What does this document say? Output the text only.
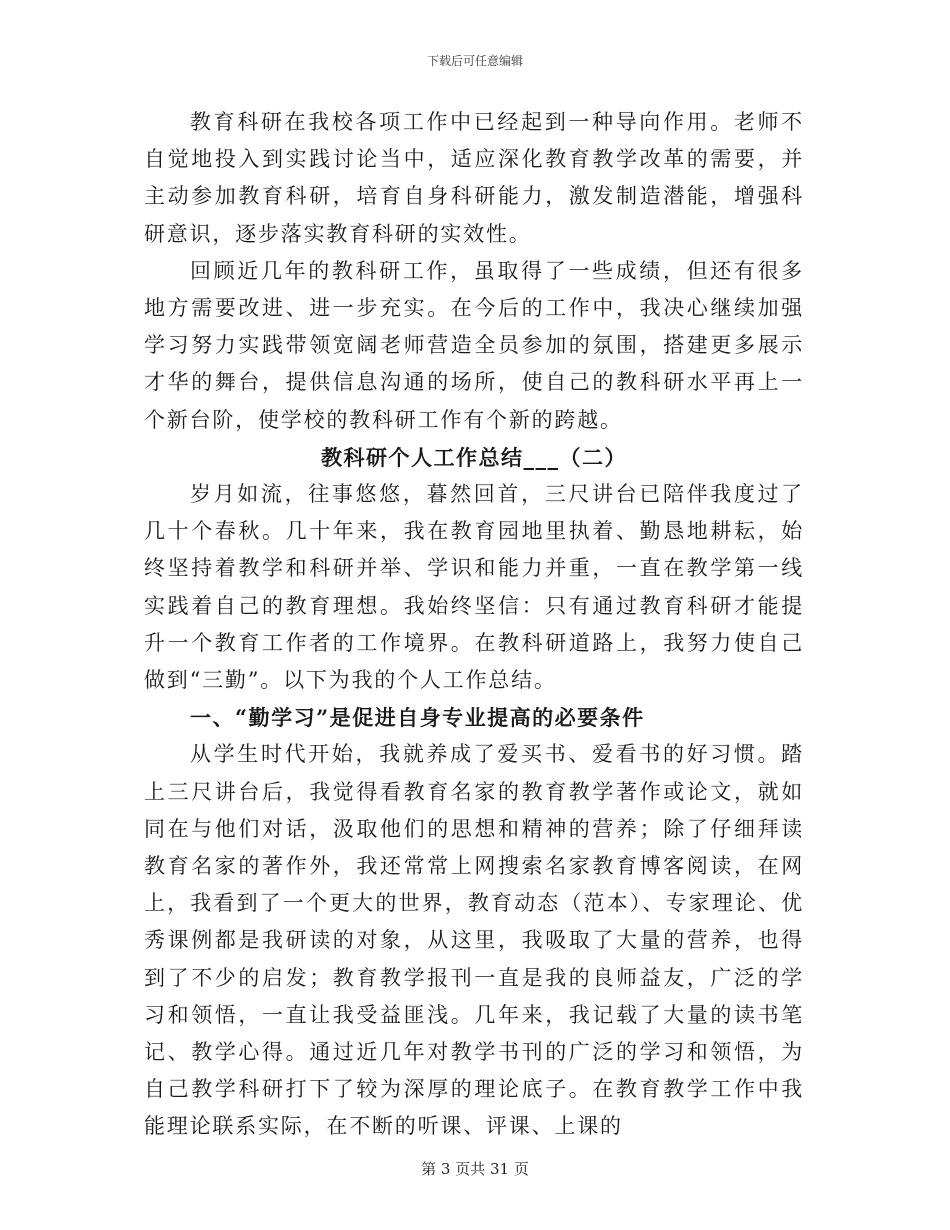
下载后可任意编辑

教育科研在我校各项工作中已经起到一种导向作用。老师不自觉地投入到实践讨论当中，适应深化教育教学改革的需要，并主动参加教育科研，培育自身科研能力，激发制造潜能，增强科研意识，逐步落实教育科研的实效性。

回顾近几年的教科研工作，虽取得了一些成绩，但还有很多地方需要改进、进一步充实。在今后的工作中，我决心继续加强学习努力实践带领宽阔老师营造全员参加的氛围，搭建更多展示才华的舞台，提供信息沟通的场所，使自己的教科研水平再上一个新台阶，使学校的教科研工作有个新的跨越。

教科研个人工作总结___（二）

岁月如流，往事悠悠，暮然回首，三尺讲台已陪伴我度过了几十个春秋。几十年来，我在教育园地里执着、勤恳地耕耘，始终坚持着教学和科研并举、学识和能力并重，一直在教学第一线实践着自己的教育理想。我始终坚信：只有通过教育科研才能提升一个教育工作者的工作境界。在教科研道路上，我努力使自己做到“三勤”。以下为我的个人工作总结。

一、“勤学习”是促进自身专业提高的必要条件

从学生时代开始，我就养成了爱买书、爱看书的好习惯。踏上三尺讲台后，我觉得看教育名家的教育教学著作或论文，就如同在与他们对话，汲取他们的思想和精神的营养；除了仔细拜读教育名家的著作外，我还常常上网搜索名家教育博客阅读，在网上，我看到了一个更大的世界，教育动态（范本）、专家理论、优秀课例都是我研读的对象，从这里，我吸取了大量的营养，也得到了不少的启发；教育教学报刊一直是我的良师益友，广泛的学习和领悟，一直让我受益匪浅。几年来，我记载了大量的读书笔记、教学心得。通过近几年对教学书刊的广泛的学习和领悟，为自己教学科研打下了较为深厚的理论底子。在教育教学工作中我能理论联系实际，在不断的听课、评课、上课的

第 3 页共 31 页
